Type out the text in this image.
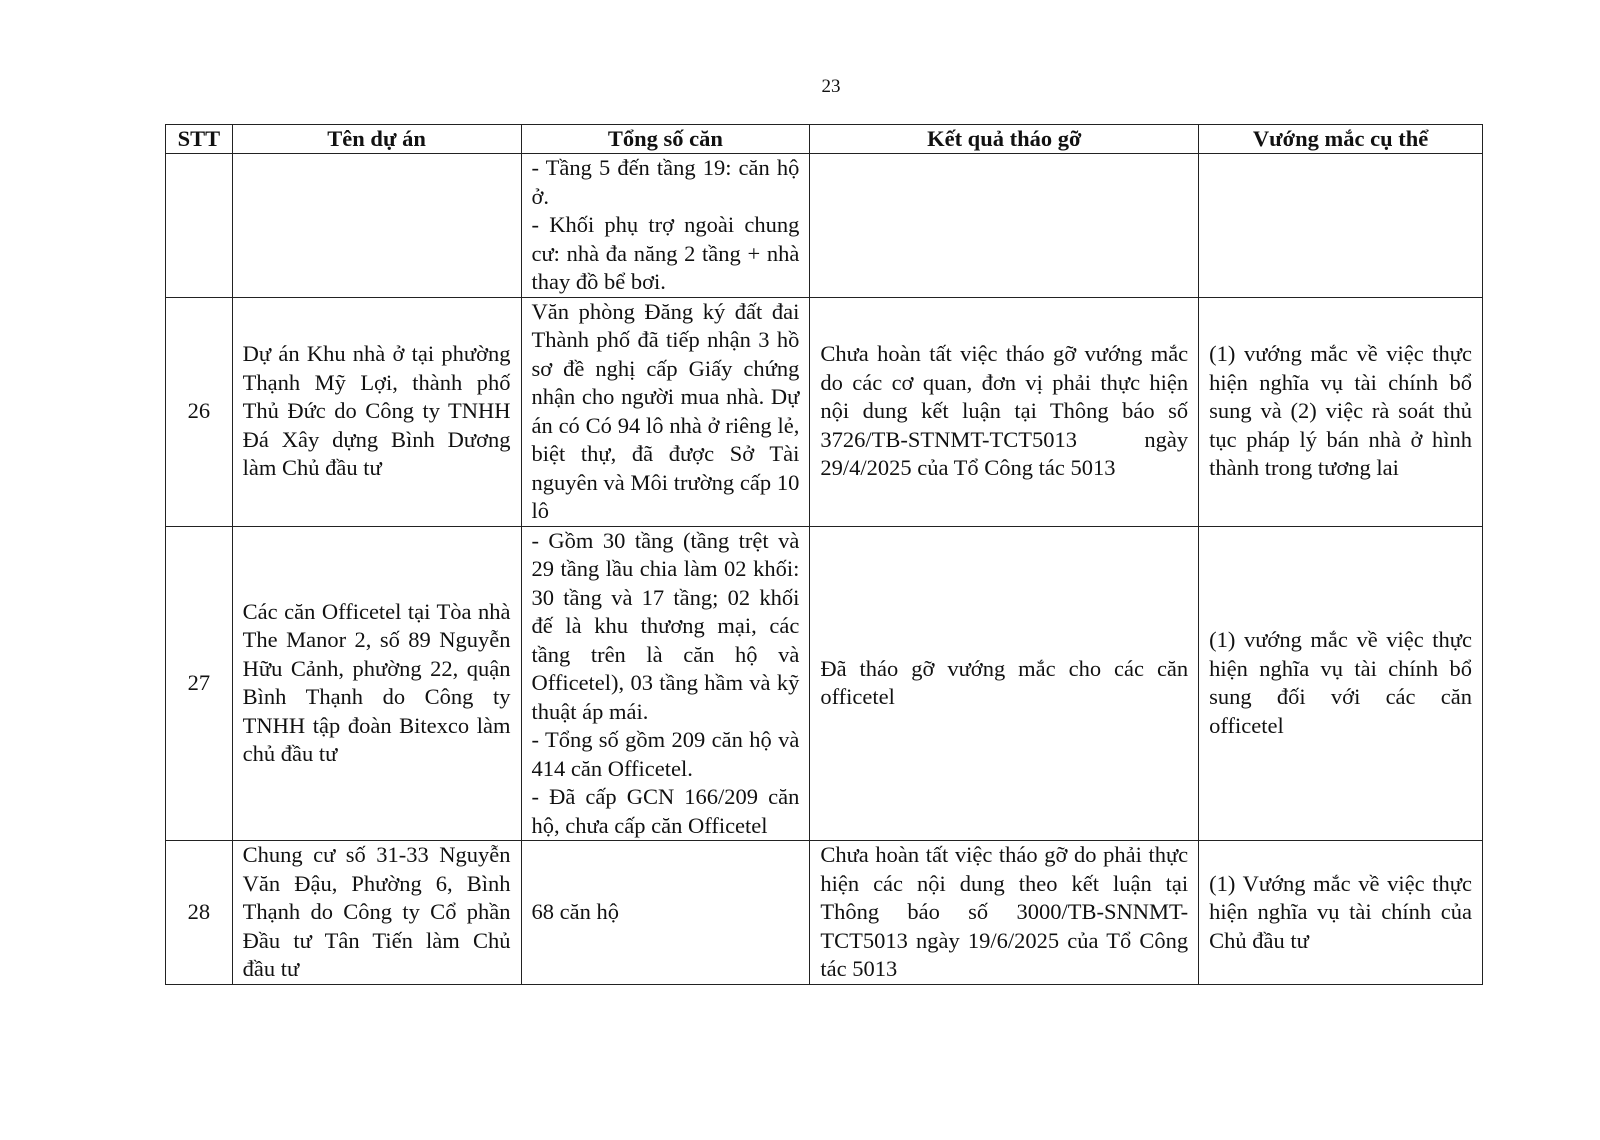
23
STT	Tên dự án	Tổng số căn	Kết quả tháo gỡ	Vướng mắc cụ thể

		- Tầng 5 đến tầng 19: căn hộ ở.
- Khối phụ trợ ngoài chung cư: nhà đa năng 2 tầng + nhà thay đồ bể bơi.		

26	Dự án Khu nhà ở tại phường Thạnh Mỹ Lợi, thành phố Thủ Đức do Công ty TNHH Đá Xây dựng Bình Dương làm Chủ đầu tư	Văn phòng Đăng ký đất đai Thành phố đã tiếp nhận 3 hồ sơ đề nghị cấp Giấy chứng nhận cho người mua nhà. Dự án có Có 94 lô nhà ở riêng lẻ, biệt thự, đã được Sở Tài nguyên và Môi trường cấp 10 lô	Chưa hoàn tất việc tháo gỡ vướng mắc do các cơ quan, đơn vị phải thực hiện nội dung kết luận tại Thông báo số 3726/TB-STNMT-TCT5013 ngày 29/4/2025 của Tổ Công tác 5013	(1) vướng mắc về việc thực hiện nghĩa vụ tài chính bổ sung và (2) việc rà soát thủ tục pháp lý bán nhà ở hình thành trong tương lai
27	Các căn Officetel tại Tòa nhà The Manor 2, số 89 Nguyễn Hữu Cảnh, phường 22, quận Bình Thạnh do Công ty TNHH tập đoàn Bitexco làm chủ đầu tư	- Gồm 30 tầng (tầng trệt và 29 tầng lầu chia làm 02 khối: 30 tầng và 17 tầng; 02 khối đế là khu thương mại, các tầng trên là căn hộ và Officetel), 03 tầng hầm và kỹ thuật áp mái.
- Tổng số gồm 209 căn hộ và 414 căn Officetel.
- Đã cấp GCN 166/209 căn hộ, chưa cấp căn Officetel	Đã tháo gỡ vướng mắc cho các căn officetel	(1) vướng mắc về việc thực hiện nghĩa vụ tài chính bổ sung đối với các căn officetel
28	Chung cư số 31-33 Nguyễn Văn Đậu, Phường 6, Bình Thạnh do Công ty Cổ phần Đầu tư Tân Tiến làm Chủ đầu tư	68 căn hộ	Chưa hoàn tất việc tháo gỡ do phải thực hiện các nội dung theo kết luận tại Thông báo số 3000/TB-SNNMT-TCT5013 ngày 19/6/2025 của Tổ Công tác 5013	(1) Vướng mắc về việc thực hiện nghĩa vụ tài chính của Chủ đầu tư
